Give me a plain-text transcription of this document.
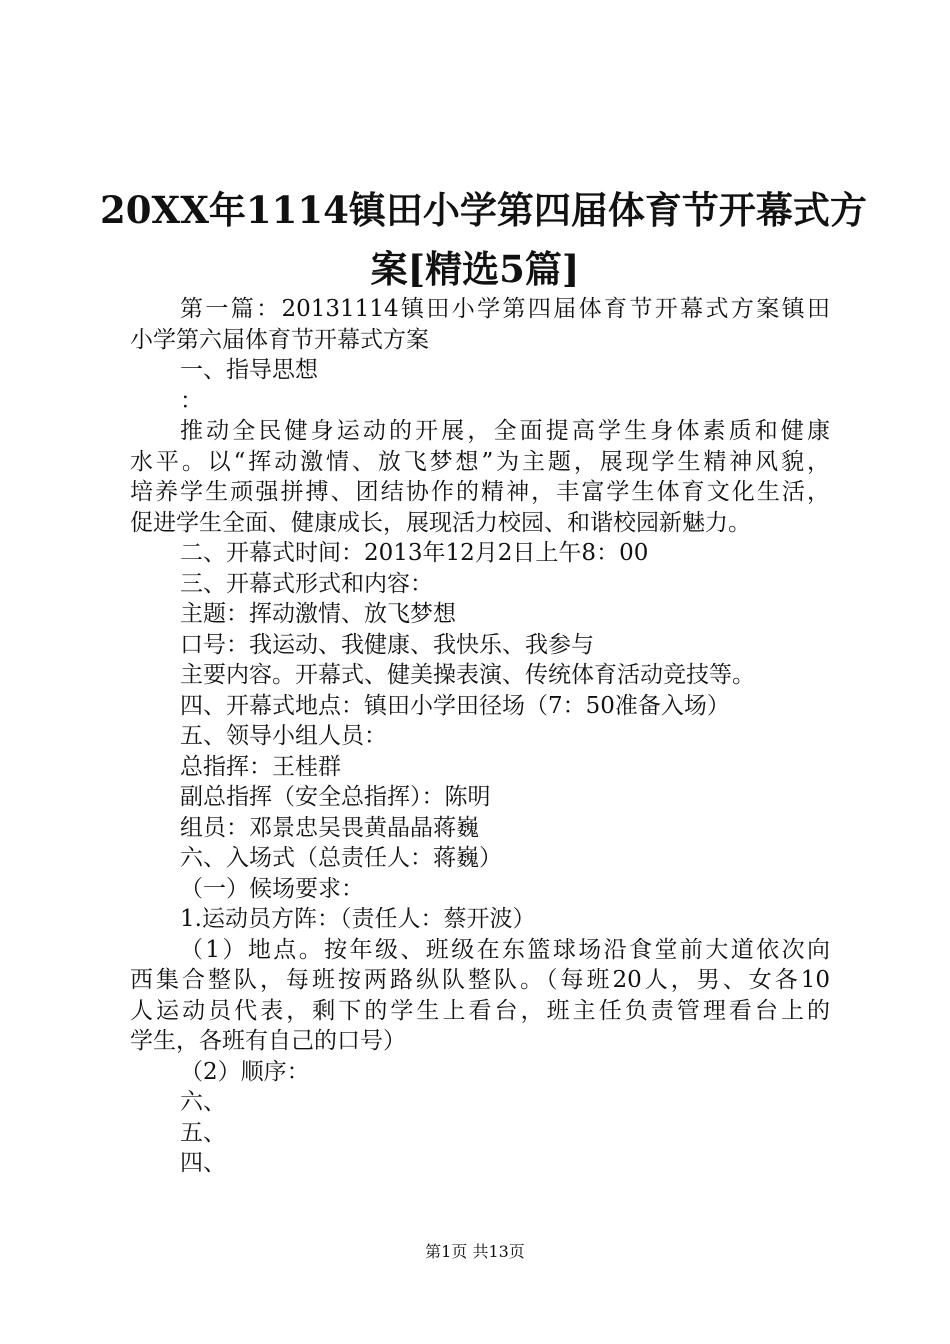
20XX年1114镇田小学第四届体育节开幕式方
案[精选5篇]
第一篇：20131114镇田小学第四届体育节开幕式方案镇田
小学第六届体育节开幕式方案
一、指导思想
：
推动全民健身运动的开展，全面提高学生身体素质和健康
水平。以“挥动激情、放飞梦想”为主题，展现学生精神风貌，
培养学生顽强拼搏、团结协作的精神，丰富学生体育文化生活，
促进学生全面、健康成长，展现活力校园、和谐校园新魅力。
二、开幕式时间：2013年12月2日上午8：00
三、开幕式形式和内容：
主题：挥动激情、放飞梦想
口号：我运动、我健康、我快乐、我参与
主要内容。开幕式、健美操表演、传统体育活动竞技等。
四、开幕式地点：镇田小学田径场（7：50准备入场）
五、领导小组人员：
总指挥：王桂群
副总指挥（安全总指挥）：陈明
组员：邓景忠吴畏黄晶晶蒋巍
六、入场式（总责任人：蒋巍）
（一）候场要求：
1.运动员方阵：（责任人：蔡开波）
（1）地点。按年级、班级在东篮球场沿食堂前大道依次向
西集合整队，每班按两路纵队整队。（每班20人，男、女各10
人运动员代表，剩下的学生上看台，班主任负责管理看台上的
学生，各班有自己的口号）
（2）顺序：
六、
五、
四、
第1页 共13页
